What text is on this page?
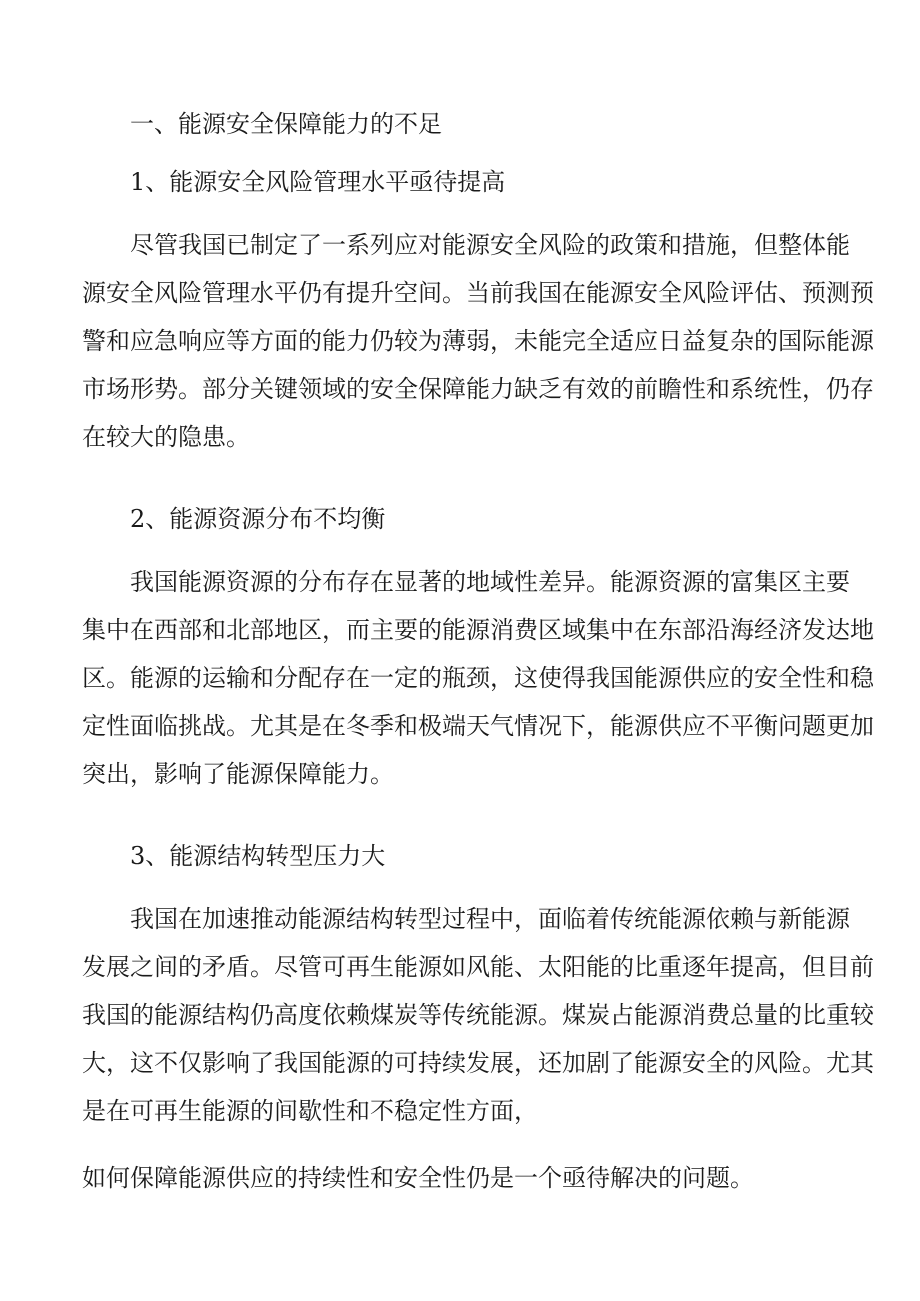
一、能源安全保障能力的不足

1、能源安全风险管理水平亟待提高

尽管我国已制定了一系列应对能源安全风险的政策和措施，但整体能
源安全风险管理水平仍有提升空间。当前我国在能源安全风险评估、预测预
警和应急响应等方面的能力仍较为薄弱，未能完全适应日益复杂的国际能源
市场形势。部分关键领域的安全保障能力缺乏有效的前瞻性和系统性，仍存
在较大的隐患。

2、能源资源分布不均衡

我国能源资源的分布存在显著的地域性差异。能源资源的富集区主要
集中在西部和北部地区，而主要的能源消费区域集中在东部沿海经济发达地
区。能源的运输和分配存在一定的瓶颈，这使得我国能源供应的安全性和稳
定性面临挑战。尤其是在冬季和极端天气情况下，能源供应不平衡问题更加
突出，影响了能源保障能力。

3、能源结构转型压力大

我国在加速推动能源结构转型过程中，面临着传统能源依赖与新能源
发展之间的矛盾。尽管可再生能源如风能、太阳能的比重逐年提高，但目前
我国的能源结构仍高度依赖煤炭等传统能源。煤炭占能源消费总量的比重较
大，这不仅影响了我国能源的可持续发展，还加剧了能源安全的风险。尤其
是在可再生能源的间歇性和不稳定性方面，

如何保障能源供应的持续性和安全性仍是一个亟待解决的问题。
